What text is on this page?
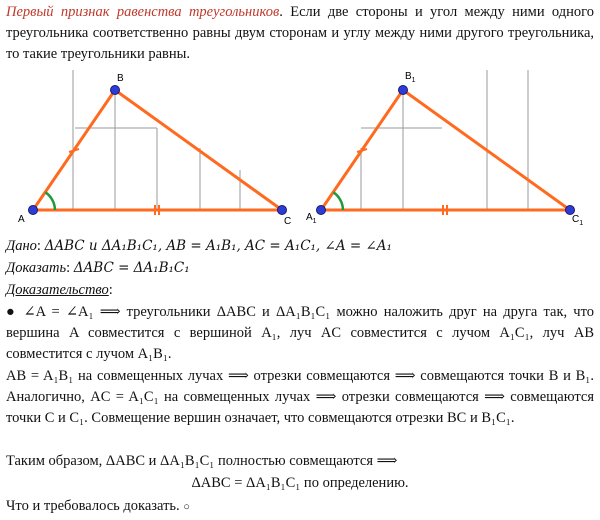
Первый признак равенства треугольников. Если две стороны и угол между ними одного треугольника соответственно равны двум сторонам и углу между ними другого треугольника, то такие треугольники равны.
A
B
C $A_1$
$B_1$
$C_1$
Дано: ΔABC и ΔA₁B₁C₁, AB = A₁B₁, AC = A₁C₁, ∠A = ∠A₁
Доказать: ΔABC = ΔA₁B₁C₁
Доказательство:
● ∠A = ∠A₁ ⟹ треугольники ΔABC и ΔA₁B₁C₁ можно наложить друг на друга так, что вершина A совместится с вершиной A₁, луч AC совместится с лучом A₁C₁, луч AB совместится с лучом A₁B₁.
AB = A₁B₁ на совмещенных лучах ⟹ отрезки совмещаются ⟹ совмещаются точки B и B₁. Аналогично, AC = A₁C₁ на совмещенных лучах ⟹ отрезки совмещаются ⟹ совмещаются точки C и C₁. Совмещение вершин означает, что совмещаются отрезки BC и B₁C₁.
Таким образом, ΔABC и ΔA₁B₁C₁ полностью совмещаются ⟹
ΔABC = ΔA₁B₁C₁ по определению.
Что и требовалось доказать. ○
